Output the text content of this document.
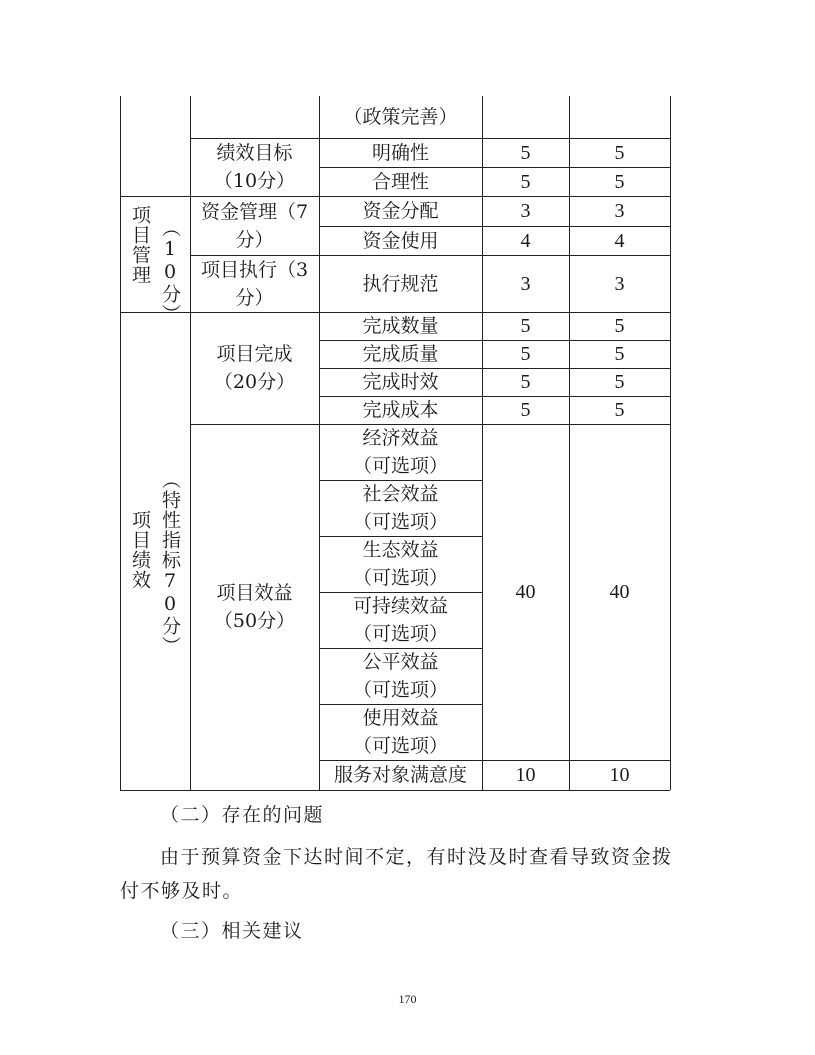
项目管理 （10分）
项目绩效 （特性指标70分）
绩效目标
（10分）
资金管理（7
分）
项目执行（3
分）
项目完成
（20分）
项目效益
（50分）
（政策完善）
明确性
合理性
资金分配
资金使用
执行规范
完成数量
完成质量
完成时效
完成成本
经济效益
（可选项）
社会效益
（可选项）
生态效益
（可选项）
可持续效益
（可选项）
公平效益
（可选项）
使用效益
（可选项）
服务对象满意度
5
5
3
4
3
5
5
5
5
40
10
5
5
3
4
3
5
5
5
5
40
10
（二）存在的问题
由于预算资金下达时间不定，有时没及时查看导致资金拨
付不够及时。
（三）相关建议
170
